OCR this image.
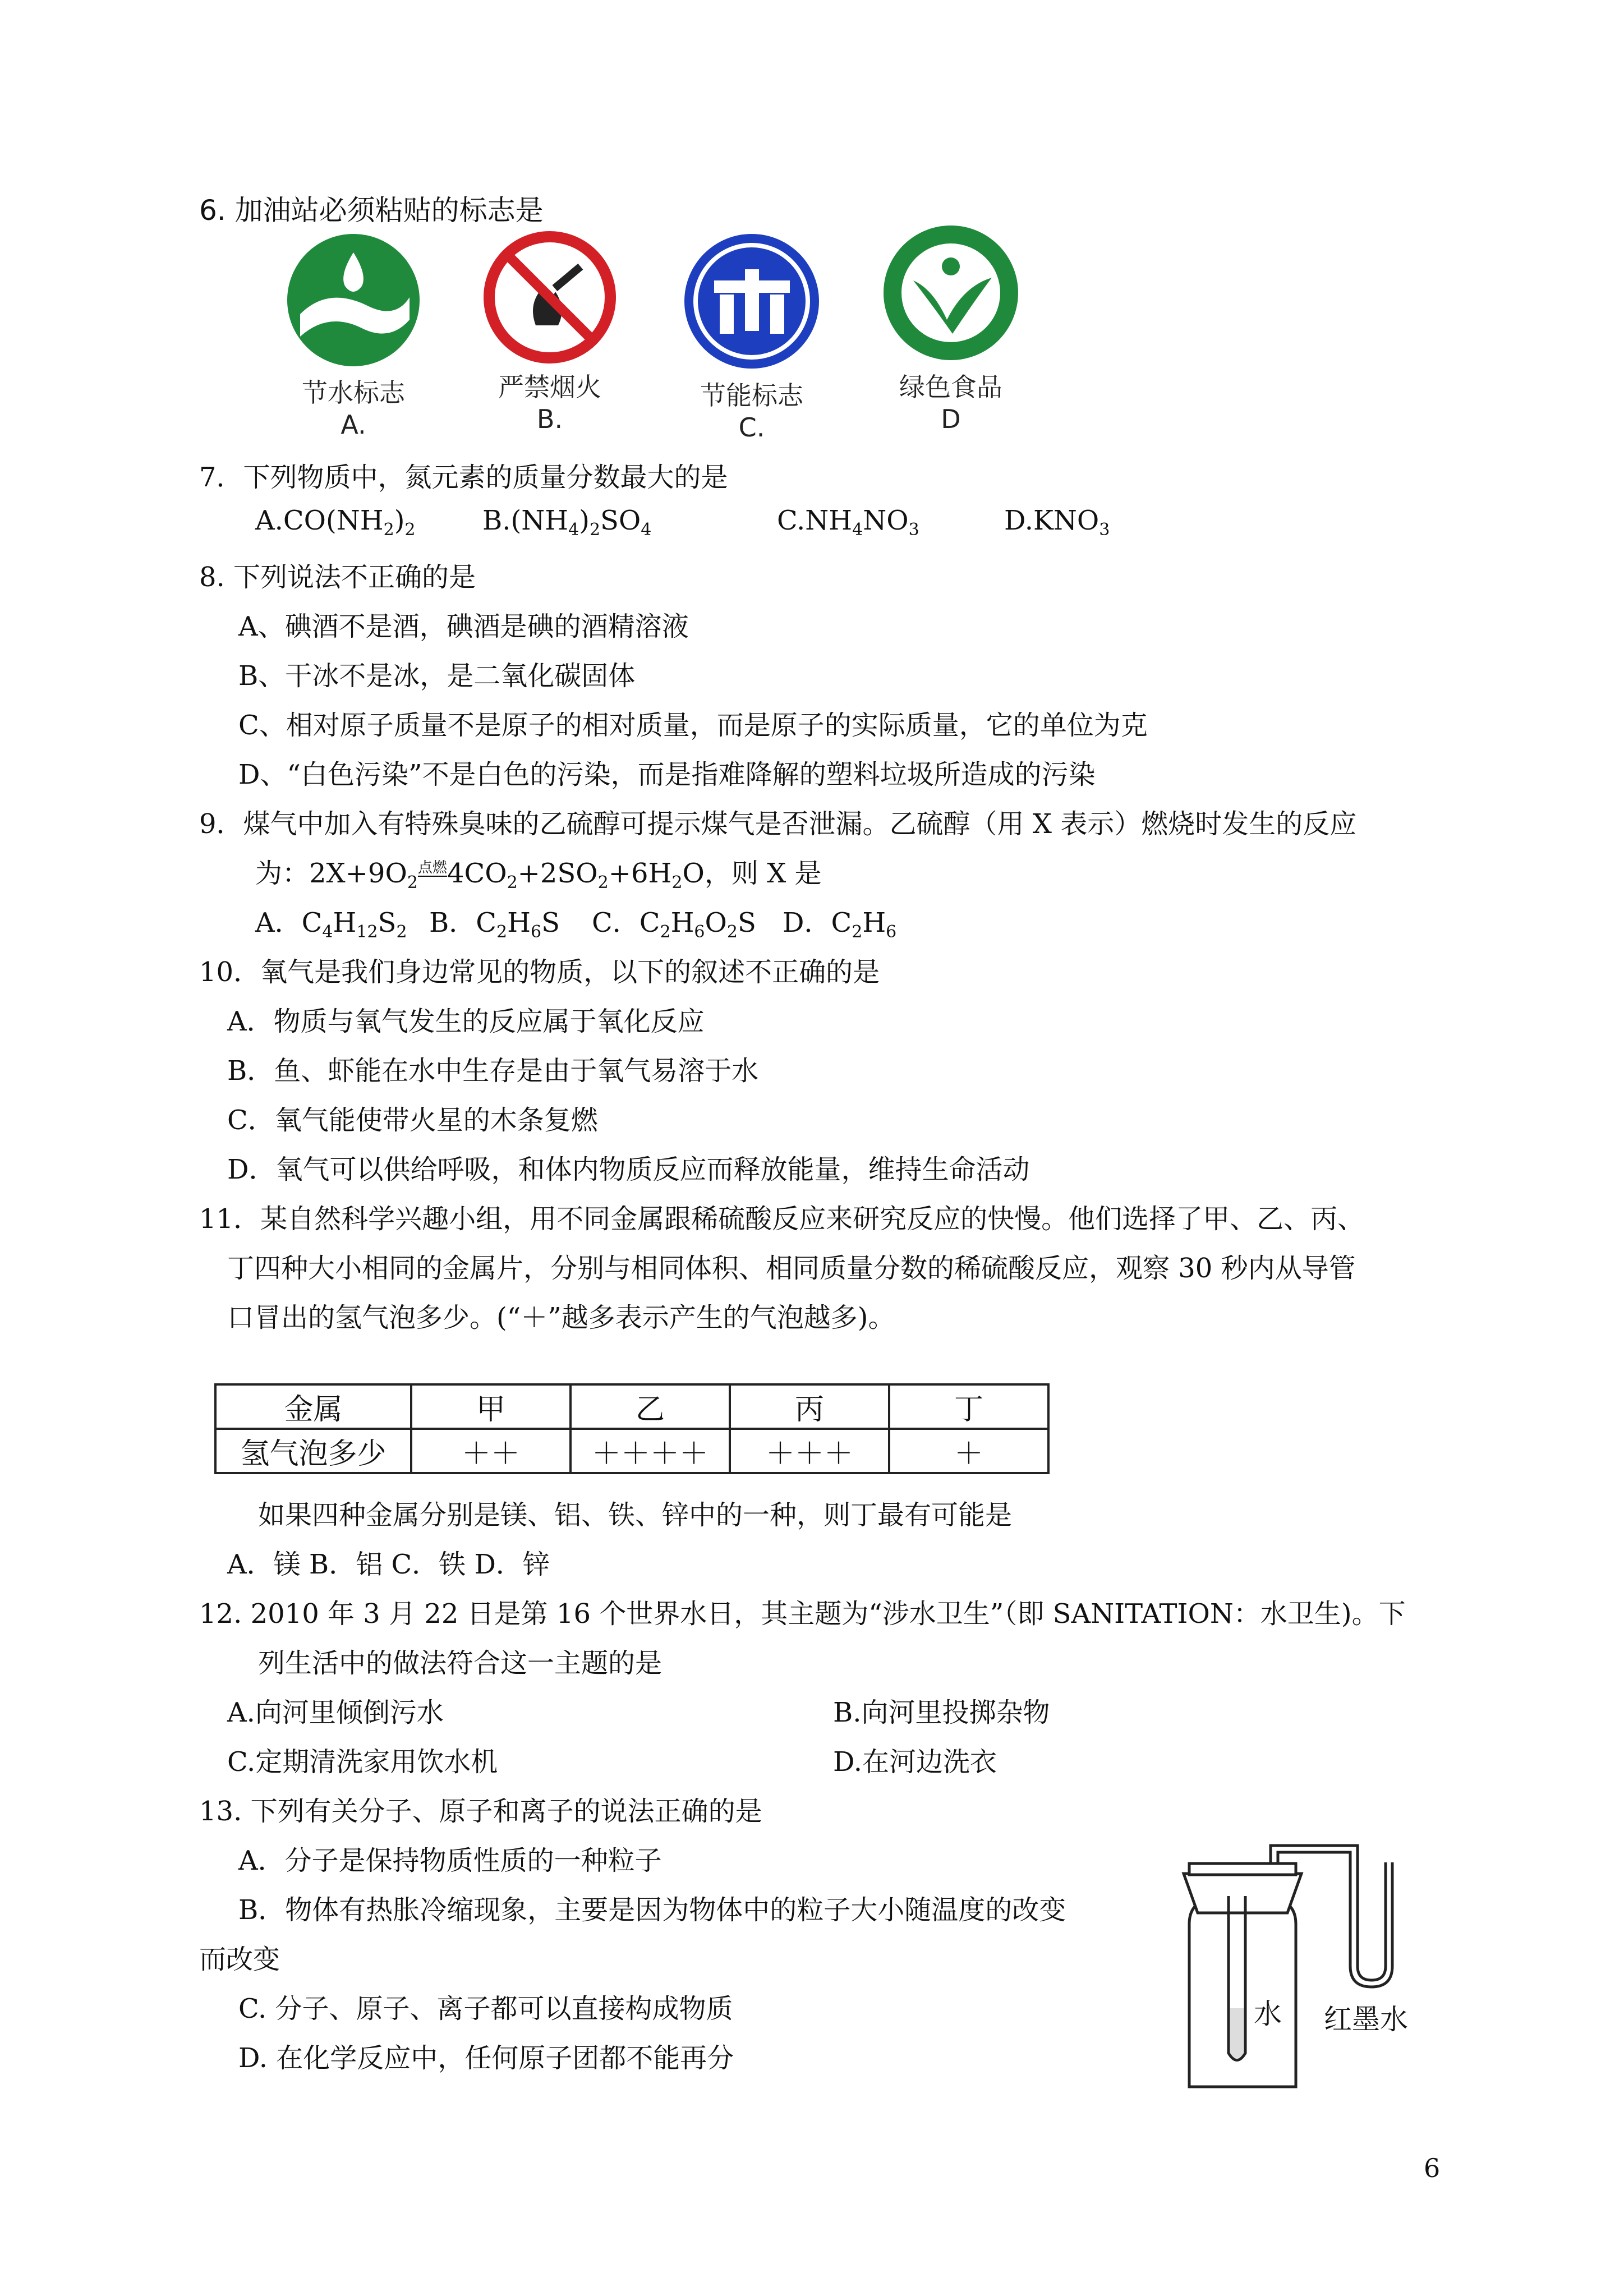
6. 加油站必须粘贴的标志是
节水标志
A.
严禁烟火
B.
节能标志
C.
绿色食品
D
7．下列物质中，氮元素的质量分数最大的是
$A.CO(NH_2)_2$ $B.(NH_4)_2SO_4$	$C.NH_4NO_3$	$D.KNO_3$
8. 下列说法不正确的是
A、碘酒不是酒，碘酒是碘的酒精溶液
B、干冰不是冰，是二氧化碳固体
C、相对原子质量不是原子的相对质量，而是原子的实际质量，它的单位为克
D、“白色污染”不是白色的污染，而是指难降解的塑料垃圾所造成的污染
9．煤气中加入有特殊臭味的乙硫醇可提示煤气是否泄漏。乙硫醇（用 X 表示）燃烧时发生的反应
为：$2X+9O_2$点燃$4CO_2+2SO_2+6H_2O$，则 X 是
A．$C_4H_{12}S_2$ B．$C_2H_6S$ C．$C_2H_6O_2S$ D．$C_2H_6$
10．氧气是我们身边常见的物质，以下的叙述不正确的是
A．物质与氧气发生的反应属于氧化反应
B．鱼、虾能在水中生存是由于氧气易溶于水
C．氧气能使带火星的木条复燃
D．氧气可以供给呼吸，和体内物质反应而释放能量，维持生命活动
11．某自然科学兴趣小组，用不同金属跟稀硫酸反应来研究反应的快慢。他们选择了甲、乙、丙、
丁四种大小相同的金属片，分别与相同体积、相同质量分数的稀硫酸反应，观察 30 秒内从导管
口冒出的氢气泡多少。(“＋”越多表示产生的气泡越多)。
金属	甲	乙	丙	丁
氢气泡多少	＋＋	＋＋＋＋	＋＋＋	＋
如果四种金属分别是镁、铝、铁、锌中的一种，则丁最有可能是
A．镁 B．铝 C．铁 D．锌
12. 2010 年 3 月 22 日是第 16 个世界水日，其主题为“涉水卫生”（即 SANITATION：水卫生)。下
列生活中的做法符合这一主题的是
A.向河里倾倒污水	B.向河里投掷杂物
C.定期清洗家用饮水机	D.在河边洗衣
13. 下列有关分子、原子和离子的说法正确的是
A．分子是保持物质性质的一种粒子
B．物体有热胀冷缩现象，主要是因为物体中的粒子大小随温度的改变
而改变
C. 分子、原子、离子都可以直接构成物质
D. 在化学反应中，任何原子团都不能再分
水 红墨水
6
